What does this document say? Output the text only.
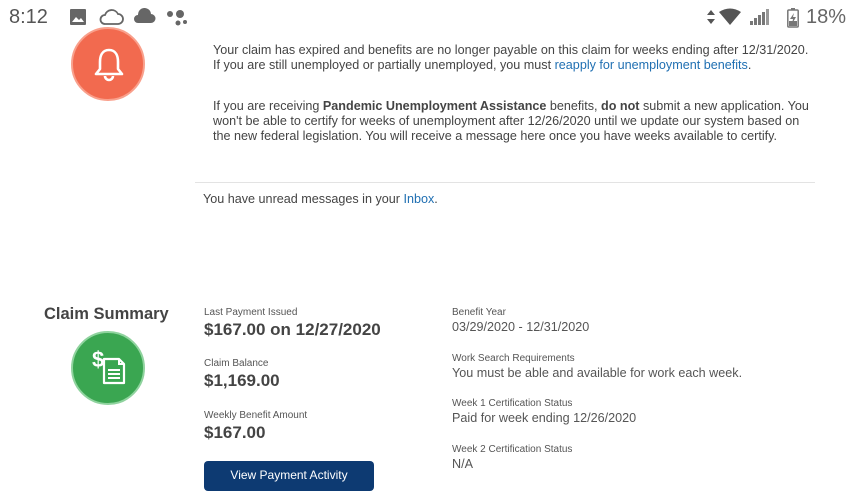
8:12	18%
Your claim has expired and benefits are no longer payable on this claim for weeks ending after 12/31/2020. If you are still unemployed or partially unemployed, you must reapply for unemployment benefits.
If you are receiving Pandemic Unemployment Assistance benefits, do not submit a new application. You won't be able to certify for weeks of unemployment after 12/26/2020 until we update our system based on the new federal legislation. You will receive a message here once you have weeks available to certify.
You have unread messages in your Inbox.
Claim Summary
$
Last Payment Issued
$167.00 on 12/27/2020
Claim Balance
$1,169.00
Weekly Benefit Amount
$167.00
View Payment Activity
Benefit Year
03/29/2020 - 12/31/2020
Work Search Requirements
You must be able and available for work each week.
Week 1 Certification Status
Paid for week ending 12/26/2020
Week 2 Certification Status
N/A
